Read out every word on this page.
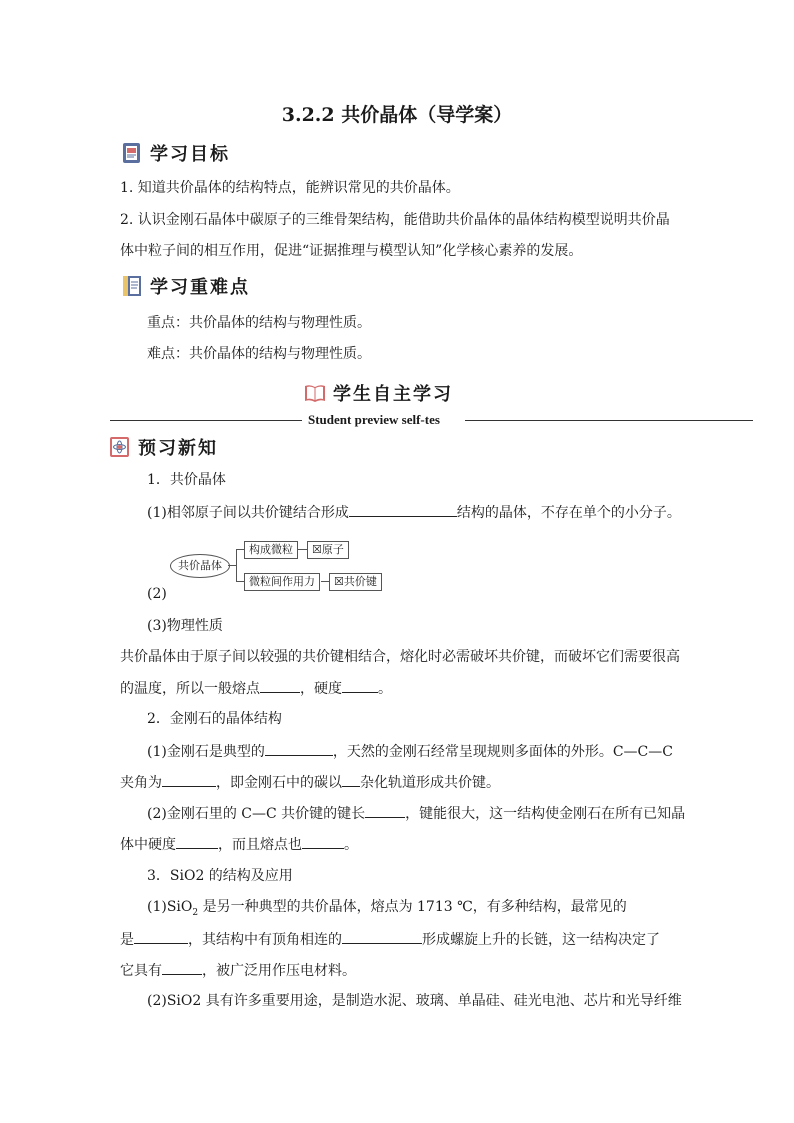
3.2.2 共价晶体（导学案）
学习目标
1. 知道共价晶体的结构特点，能辨识常见的共价晶体。
2. 认识金刚石晶体中碳原子的三维骨架结构，能借助共价晶体的晶体结构模型说明共价晶
体中粒子间的相互作用，促进“证据推理与模型认知”化学核心素养的发展。
学习重难点
重点：共价晶体的结构与物理性质。
难点：共价晶体的结构与物理性质。
学生自主学习
Student preview self-tes
预习新知
1．共价晶体
(1)相邻原子间以共价键结合形成	结构的晶体，不存在单个的小分子。
共价晶体
构成微粒	☒原子
微粒间作用力	☒共价键
(2)
(3)物理性质
共价晶体由于原子间以较强的共价键相结合，熔化时必需破坏共价键，而破坏它们需要很高
的温度，所以一般熔点	，硬度	。
2．金刚石的晶体结构
(1)金刚石是典型的	，天然的金刚石经常呈现规则多面体的外形。C—C—C
夹角为	，即金刚石中的碳以 杂化轨道形成共价键。
(2)金刚石里的 C—C 共价键的键长	，键能很大，这一结构使金刚石在所有已知晶
体中硬度	，而且熔点也	。
3．SiO2 的结构及应用
(1)SiO$_2$ 是另一种典型的共价晶体，熔点为 1713 ℃，有多种结构，最常见的
是	，其结构中有顶角相连的	形成螺旋上升的长链，这一结构决定了
它具有	，被广泛用作压电材料。
(2)SiO2 具有许多重要用途，是制造水泥、玻璃、单晶硅、硅光电池、芯片和光导纤维
